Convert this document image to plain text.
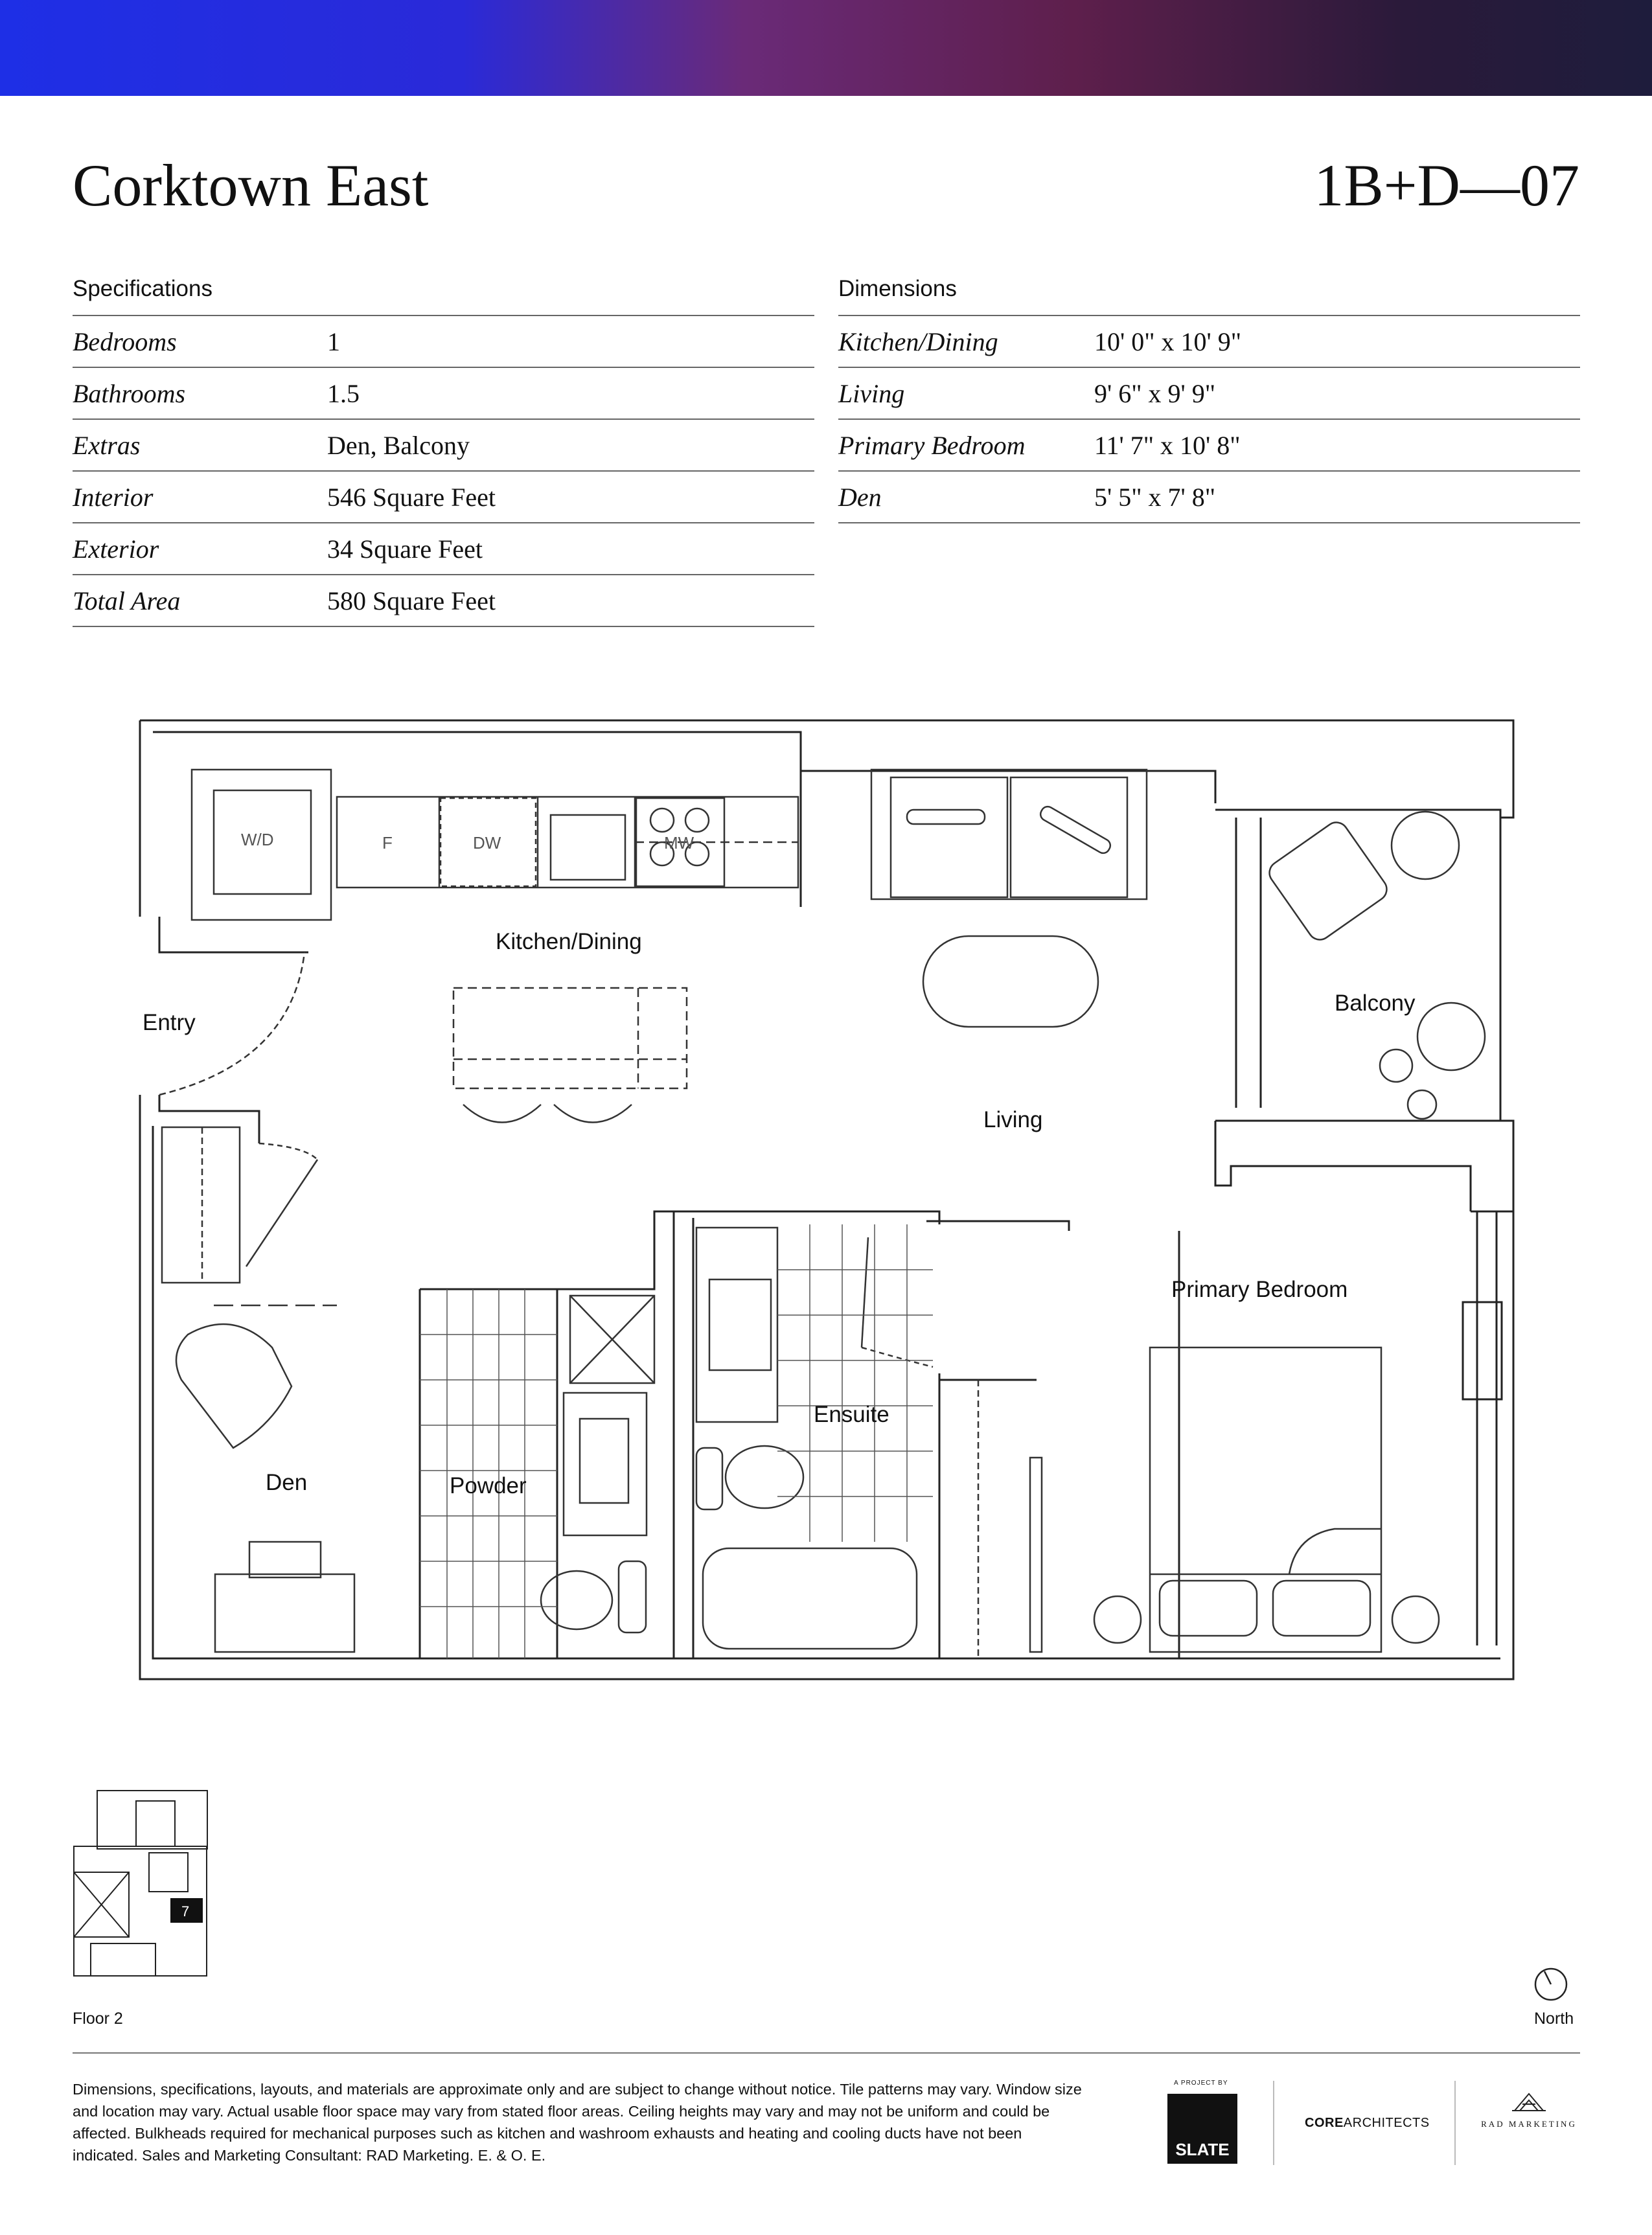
Corktown East	1B+D—07
Specifications
Bedrooms	1
Bathrooms	1.5
Extras	Den, Balcony
Interior	546 Square Feet
Exterior	34 Square Feet
Total Area	580 Square Feet
Dimensions
Kitchen/Dining	10' 0" x 10' 9"
Living	9' 6" x 9' 9"
Primary Bedroom	11' 7" x 10' 8"
Den	5' 5" x 7' 8"
W/D	F	DW	MW
Kitchen/Dining
Entry
Living
Balcony
Primary Bedroom
Den	Powder
Ensuite
7
Floor 2	North
Dimensions, specifications, layouts, and materials are approximate only and are subject to change without notice. Tile patterns may vary. Window size and location may vary. Actual usable floor space may vary from stated floor areas. Ceiling heights may vary and may not be uniform and could be affected. Bulkheads required for mechanical purposes such as kitchen and washroom exhausts and heating and cooling ducts have not been indicated. Sales and Marketing Consultant: RAD Marketing. E. & O. E.
A PROJECT BY
SLATE
COREARCHITECTS	RAD MARKETING
